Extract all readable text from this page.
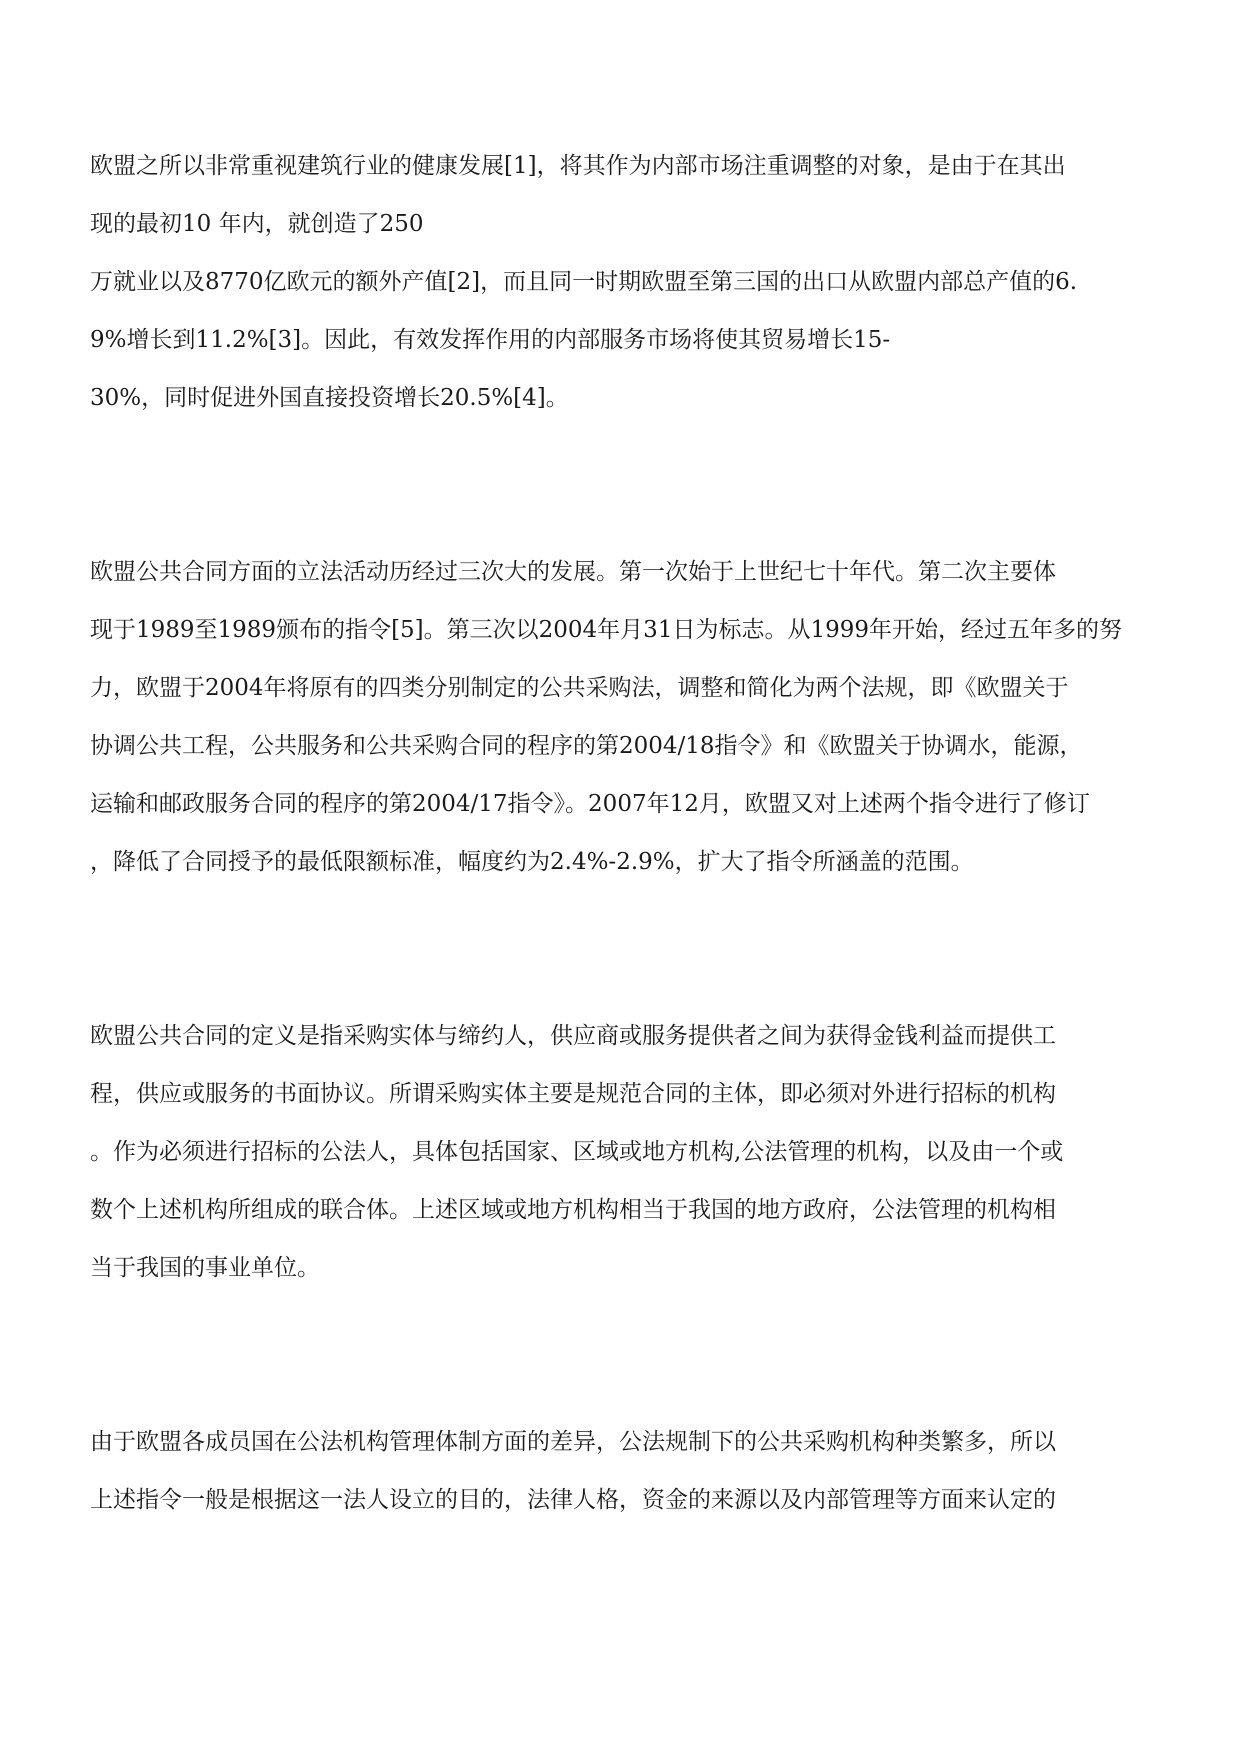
欧盟之所以非常重视建筑行业的健康发展[1]，将其作为内部市场注重调整的对象，是由于在其出

现的最初10 年内，就创造了250

万就业以及8770亿欧元的额外产值[2]，而且同一时期欧盟至第三国的出口从欧盟内部总产值的6.

9%增长到11.2%[3]。因此，有效发挥作用的内部服务市场将使其贸易增长15-

30%，同时促进外国直接投资增长20.5%[4]。

欧盟公共合同方面的立法活动历经过三次大的发展。第一次始于上世纪七十年代。第二次主要体

现于1989至1989颁布的指令[5]。第三次以2004年月31日为标志。从1999年开始，经过五年多的努

力，欧盟于2004年将原有的四类分别制定的公共采购法，调整和简化为两个法规，即《欧盟关于

协调公共工程，公共服务和公共采购合同的程序的第2004/18指令》和《欧盟关于协调水，能源，

运输和邮政服务合同的程序的第2004/17指令》。2007年12月，欧盟又对上述两个指令进行了修订

，降低了合同授予的最低限额标准，幅度约为2.4%-2.9%，扩大了指令所涵盖的范围。

欧盟公共合同的定义是指采购实体与缔约人，供应商或服务提供者之间为获得金钱利益而提供工

程，供应或服务的书面协议。所谓采购实体主要是规范合同的主体，即必须对外进行招标的机构

。作为必须进行招标的公法人，具体包括国家、区域或地方机构,公法管理的机构，以及由一个或

数个上述机构所组成的联合体。上述区域或地方机构相当于我国的地方政府，公法管理的机构相

当于我国的事业单位。

由于欧盟各成员国在公法机构管理体制方面的差异，公法规制下的公共采购机构种类繁多，所以

上述指令一般是根据这一法人设立的目的，法律人格，资金的来源以及内部管理等方面来认定的
